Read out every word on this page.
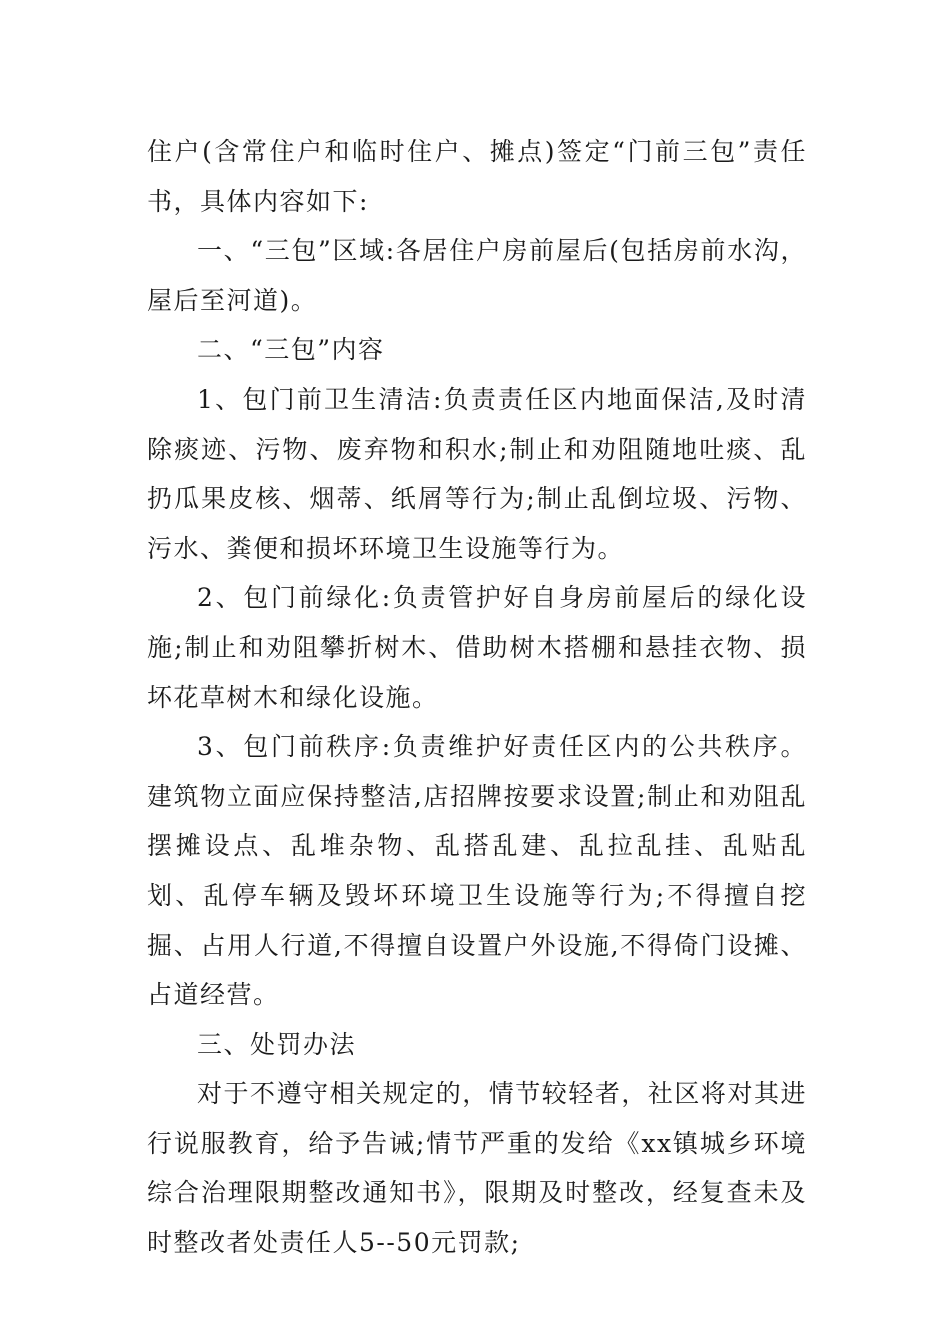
住户(含常住户和临时住户、摊点)签定“门前三包”责任书，具体内容如下:

一、“三包”区域:各居住户房前屋后(包括房前水沟，屋后至河道)。

二、“三包”内容

1、包门前卫生清洁:负责责任区内地面保洁,及时清除痰迹、污物、废弃物和积水;制止和劝阻随地吐痰、乱扔瓜果皮核、烟蒂、纸屑等行为;制止乱倒垃圾、污物、污水、粪便和损坏环境卫生设施等行为。

2、包门前绿化:负责管护好自身房前屋后的绿化设施;制止和劝阻攀折树木、借助树木搭棚和悬挂衣物、损坏花草树木和绿化设施。

3、包门前秩序:负责维护好责任区内的公共秩序。建筑物立面应保持整洁,店招牌按要求设置;制止和劝阻乱摆摊设点、乱堆杂物、乱搭乱建、乱拉乱挂、乱贴乱划、乱停车辆及毁坏环境卫生设施等行为;不得擅自挖掘、占用人行道,不得擅自设置户外设施,不得倚门设摊、占道经营。

三、处罚办法

对于不遵守相关规定的，情节较轻者，社区将对其进行说服教育，给予告诫;情节严重的发给《xx镇城乡环境综合治理限期整改通知书》，限期及时整改，经复查未及时整改者处责任人5--50元罚款;
